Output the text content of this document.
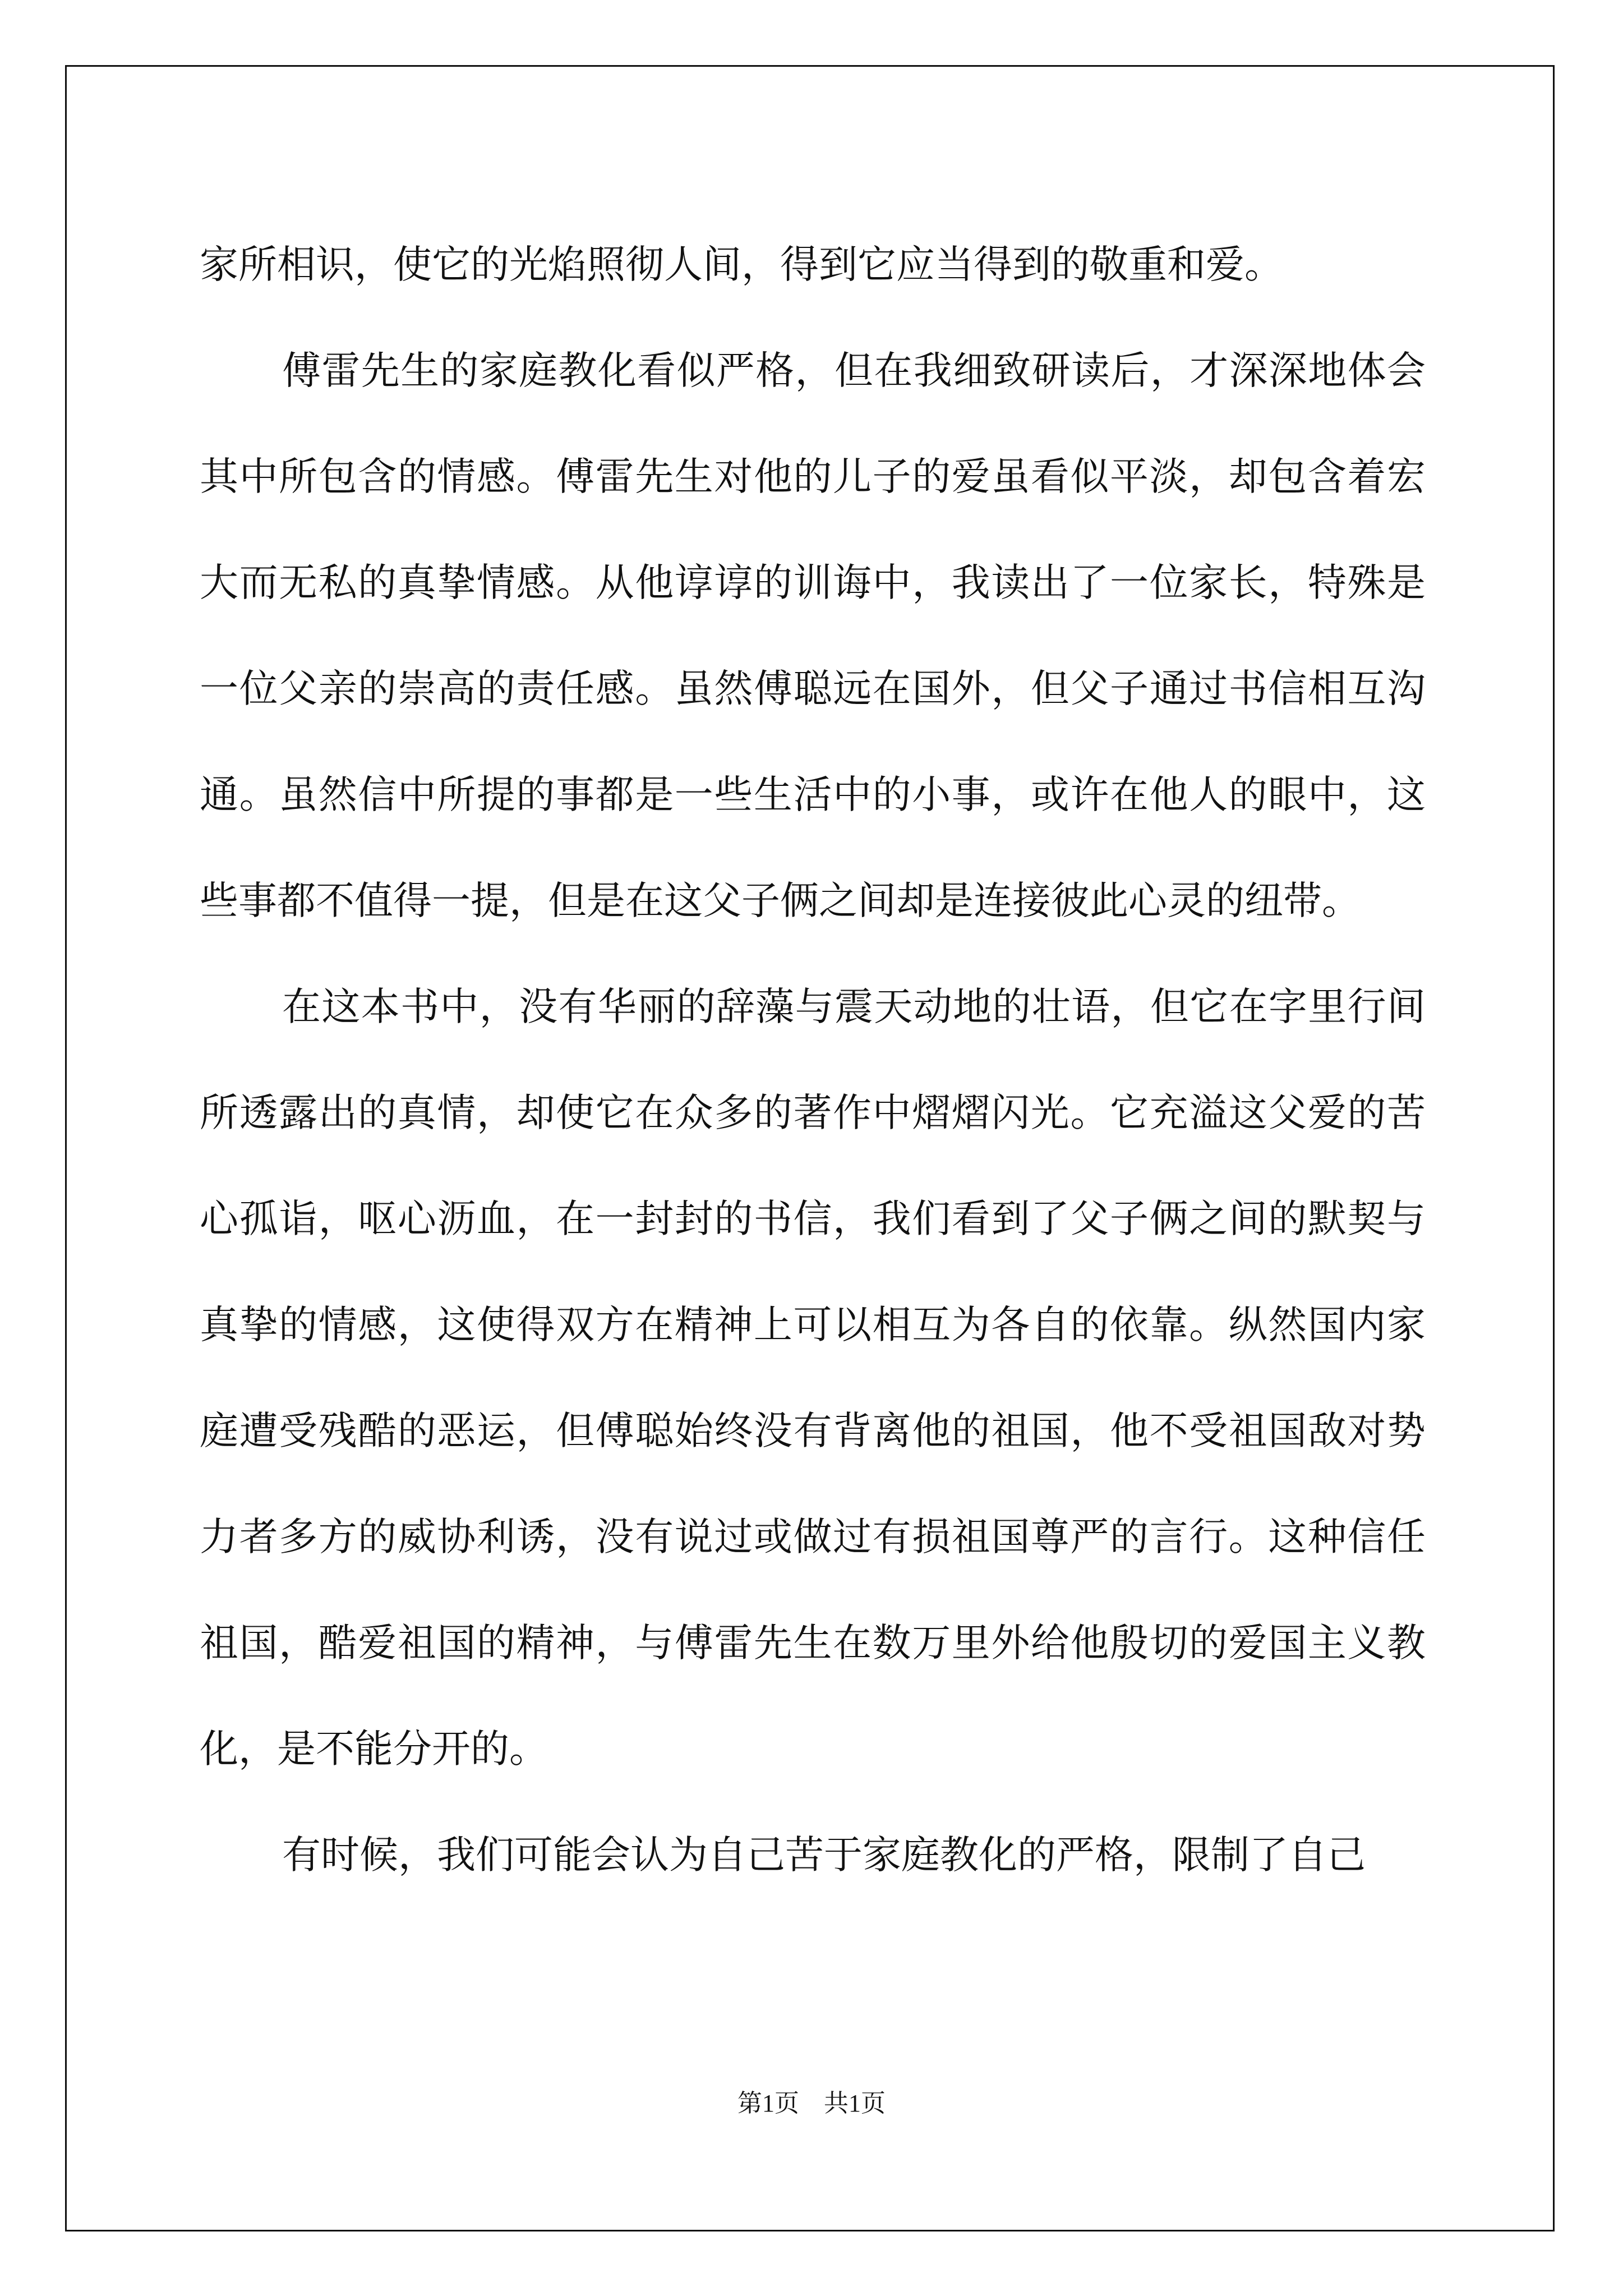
家所相识，使它的光焰照彻人间，得到它应当得到的敬重和爱。

傅雷先生的家庭教化看似严格，但在我细致研读后，才深深地体会其中所包含的情感。傅雷先生对他的儿子的爱虽看似平淡，却包含着宏大而无私的真挚情感。从他谆谆的训诲中，我读出了一位家长，特殊是一位父亲的崇高的责任感。虽然傅聪远在国外，但父子通过书信相互沟通。虽然信中所提的事都是一些生活中的小事，或许在他人的眼中，这些事都不值得一提，但是在这父子俩之间却是连接彼此心灵的纽带。

在这本书中，没有华丽的辞藻与震天动地的壮语，但它在字里行间所透露出的真情，却使它在众多的著作中熠熠闪光。它充溢这父爱的苦心孤诣，呕心沥血，在一封封的书信，我们看到了父子俩之间的默契与真挚的情感，这使得双方在精神上可以相互为各自的依靠。纵然国内家庭遭受残酷的恶运，但傅聪始终没有背离他的祖国，他不受祖国敌对势力者多方的威协利诱，没有说过或做过有损祖国尊严的言行。这种信任祖国，酷爱祖国的精神，与傅雷先生在数万里外给他殷切的爱国主义教化，是不能分开的。

有时候，我们可能会认为自己苦于家庭教化的严格，限制了自己

第1页　共1页
